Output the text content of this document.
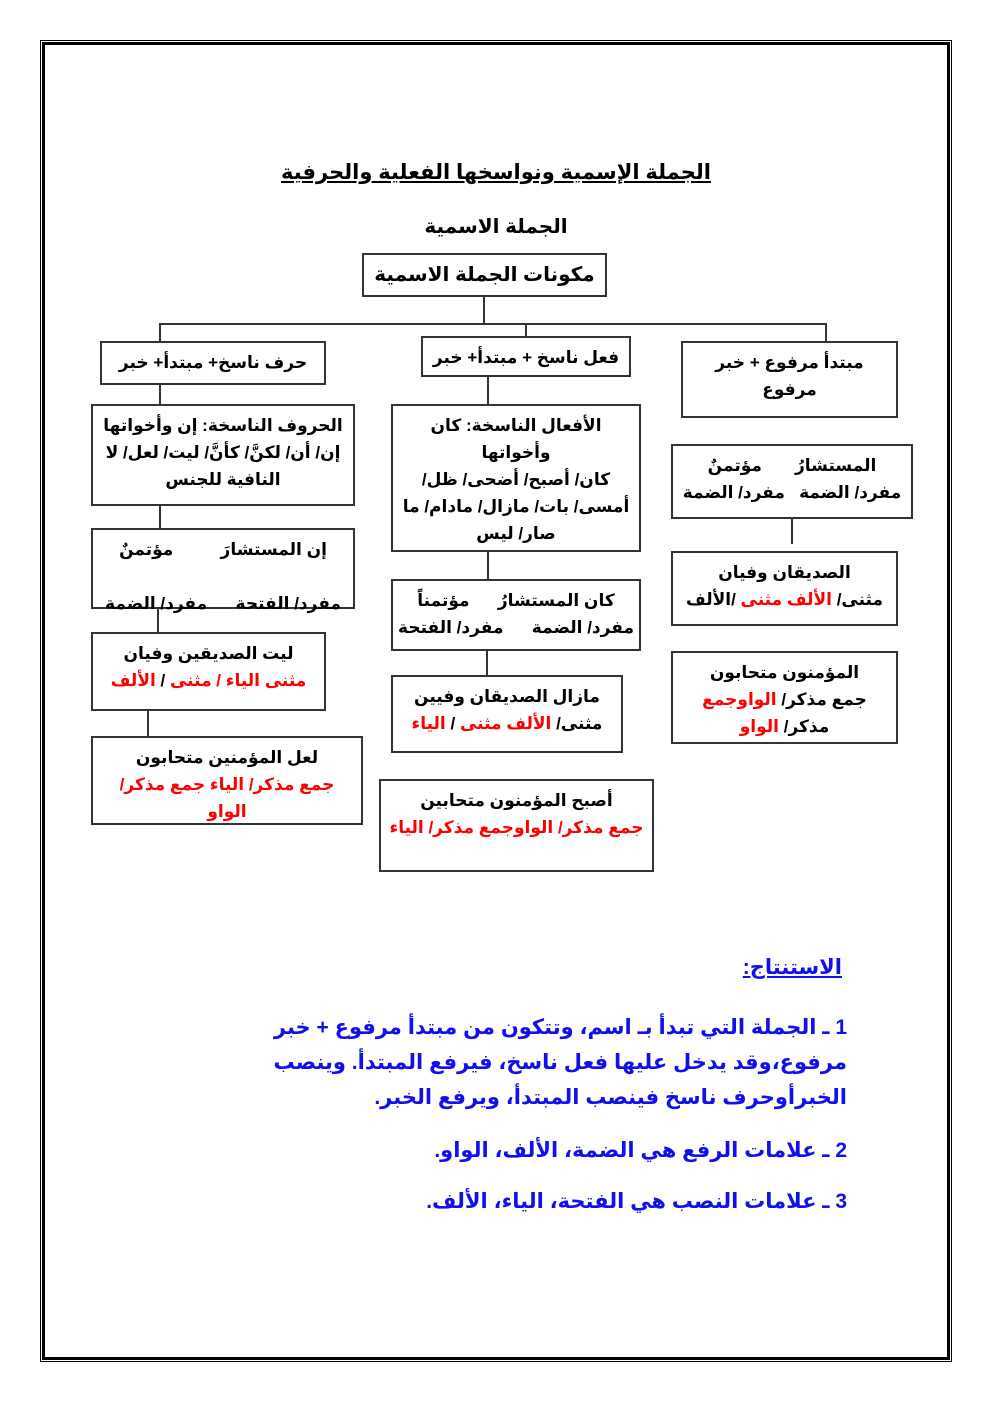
الجملة الإسمية ونواسخها الفعلية والحرفية
الجملة الاسمية
مكونات الجملة الاسمية
حرف ناسخ+ مبتدأ+ خبر
الحروف الناسخة: إن وأخواتها
إن/ أن/ لكنَّ/ كأنَّ/ ليت/ لعل/ لا
النافية للجنس
إن المستشارَ          مؤتمنٌ

مفرد/ الفتحة      مفرد/ الضمة
ليت الصديقين وفيان
مثنى الياء / مثنى / الألف
لعل المؤمنين متحابون
جمع مذكر/ الياء جمع مذكر/
الواو
فعل ناسخ + مبتدأ+ خبر
الأفعال الناسخة: كان
وأخواتها
كان/ أصبح/ أضحى/ ظل/
أمسى/ بات/ مازال/ مادام/ ما
صار/ ليس
كان المستشارُ      مؤتمناً
مفرد/ الضمة      مفرد/ الفتحة
مازال الصديقان وفيين
مثنى/ الألف مثنى / الياء
أصبح المؤمنون متحابين
جمع مذكر/ الواوجمع مذكر/ الياء
مبتدأ مرفوع + خبر
مرفوع
المستشارُ       مؤتمنٌ
مفرد/ الضمة   مفرد/ الضمة
الصديقان وفيان
مثنى/ الألف مثنى /الألف
المؤمنون متحابون
جمع مذكر/ الواوجمع
مذكر/ الواو
الاستنتاج:
1 ـ الجملة التي تبدأ بـ اسم، وتتكون من مبتدأ مرفوع + خبر مرفوع،وقد يدخل عليها فعل ناسخ، فيرفع المبتدأ. وينصب الخبرأوحرف ناسخ فينصب المبتدأ، ويرفع الخبر.
2 ـ علامات الرفع هي الضمة، الألف، الواو.
3 ـ علامات النصب هي الفتحة، الياء، الألف.
